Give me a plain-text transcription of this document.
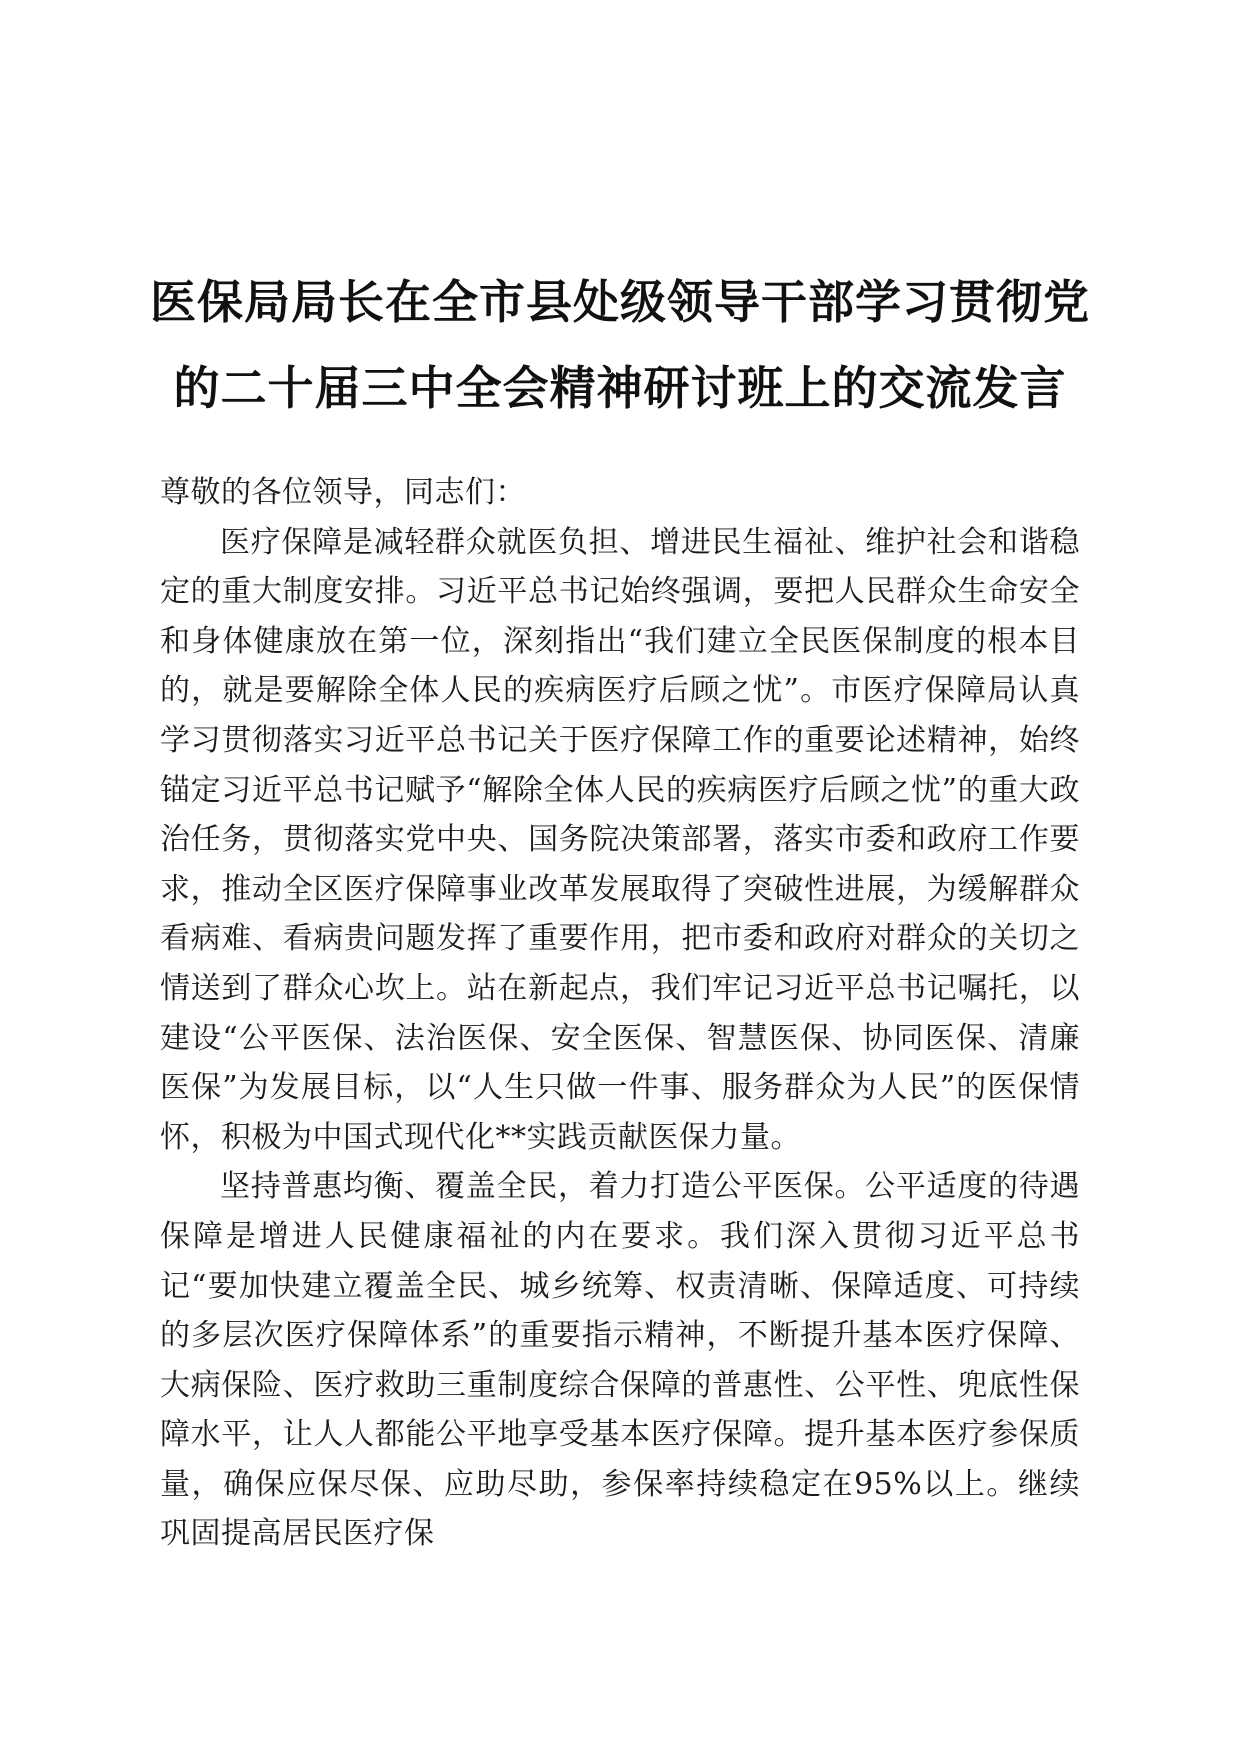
医保局局长在全市县处级领导干部学习贯彻党
的二十届三中全会精神研讨班上的交流发言

尊敬的各位领导，同志们：

医疗保障是减轻群众就医负担、增进民生福祉、维护社会和谐稳定的重大制度安排。习近平总书记始终强调，要把人民群众生命安全和身体健康放在第一位，深刻指出“我们建立全民医保制度的根本目的，就是要解除全体人民的疾病医疗后顾之忧”。市医疗保障局认真学习贯彻落实习近平总书记关于医疗保障工作的重要论述精神，始终锚定习近平总书记赋予“解除全体人民的疾病医疗后顾之忧”的重大政治任务，贯彻落实党中央、国务院决策部署，落实市委和政府工作要求，推动全区医疗保障事业改革发展取得了突破性进展，为缓解群众看病难、看病贵问题发挥了重要作用，把市委和政府对群众的关切之情送到了群众心坎上。站在新起点，我们牢记习近平总书记嘱托，以建设“公平医保、法治医保、安全医保、智慧医保、协同医保、清廉医保”为发展目标，以“人生只做一件事、服务群众为人民”的医保情怀，积极为中国式现代化**实践贡献医保力量。

坚持普惠均衡、覆盖全民，着力打造公平医保。公平适度的待遇保障是增进人民健康福祉的内在要求。我们深入贯彻习近平总书记“要加快建立覆盖全民、城乡统筹、权责清晰、保障适度、可持续的多层次医疗保障体系”的重要指示精神，不断提升基本医疗保障、大病保险、医疗救助三重制度综合保障的普惠性、公平性、兜底性保障水平，让人人都能公平地享受基本医疗保障。提升基本医疗参保质量，确保应保尽保、应助尽助，参保率持续稳定在95%以上。继续巩固提高居民医疗保
